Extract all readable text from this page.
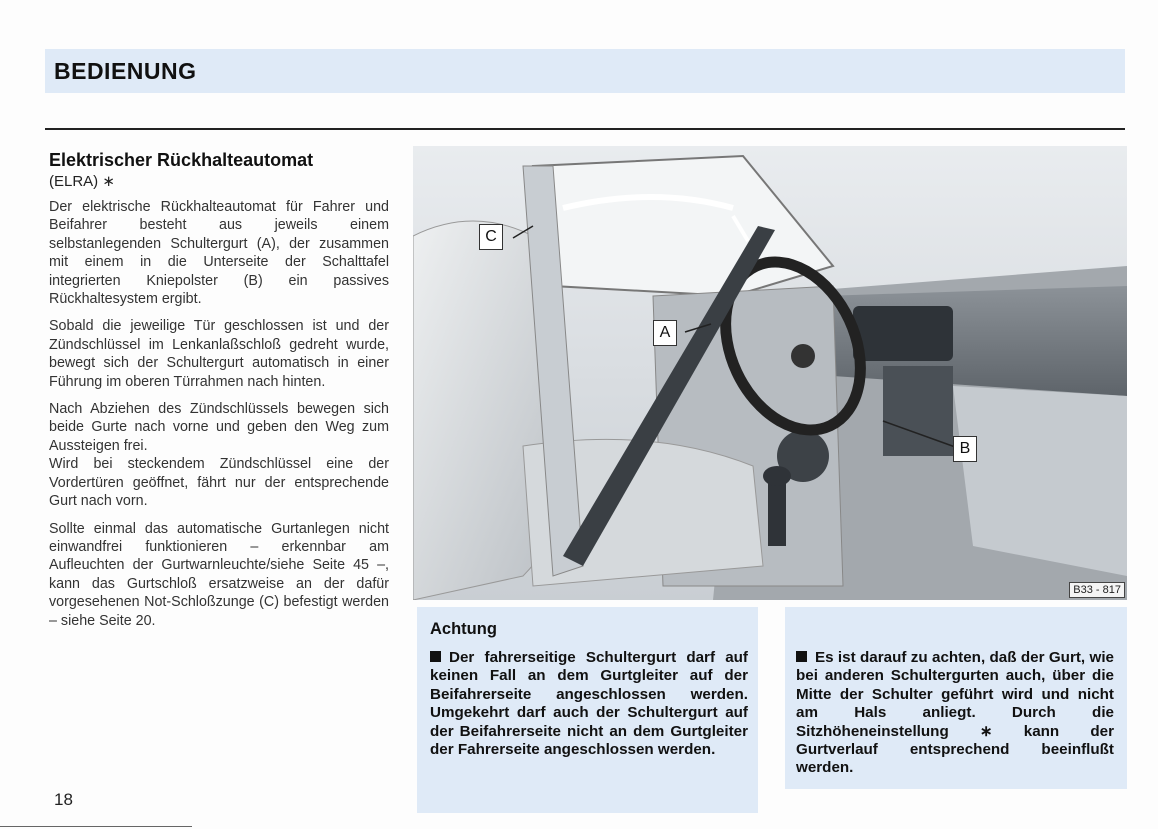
BEDIENUNG
Elektrischer Rückhalteautomat
(ELRA) ∗

Der elektrische Rückhalteautomat für Fahrer und Beifahrer besteht aus jeweils einem selbstanlegenden Schultergurt (A), der zusammen mit einem in die Unterseite der Schalttafel integrierten Kniepolster (B) ein passives Rückhaltesystem ergibt.

Sobald die jeweilige Tür geschlossen ist und der Zündschlüssel im Lenkanlaßschloß gedreht wurde, bewegt sich der Schultergurt automatisch in einer Führung im oberen Türrahmen nach hinten.

Nach Abziehen des Zündschlüssels bewegen sich beide Gurte nach vorne und geben den Weg zum Aussteigen frei.

Wird bei steckendem Zündschlüssel eine der Vordertüren geöffnet, fährt nur der entsprechende Gurt nach vorn.

Sollte einmal das automatische Gurtanlegen nicht einwandfrei funktionieren – erkennbar am Aufleuchten der Gurtwarnleuchte/siehe Seite 45 –, kann das Gurtschloß ersatzweise an der dafür vorgesehenen Not-Schloßzunge (C) befestigt werden – siehe Seite 20.

C
A
B
B33 - 817
Achtung
Der fahrerseitige Schultergurt darf auf keinen Fall an dem Gurtgleiter auf der Beifahrerseite angeschlossen werden. Umgekehrt darf auch der Schultergurt auf der Beifahrerseite nicht an dem Gurtgleiter der Fahrerseite angeschlossen werden.
Es ist darauf zu achten, daß der Gurt, wie bei anderen Schultergurten auch, über die Mitte der Schulter geführt wird und nicht am Hals anliegt. Durch die Sitzhöheneinstellung ∗ kann der Gurtverlauf entsprechend beeinflußt werden.
18
